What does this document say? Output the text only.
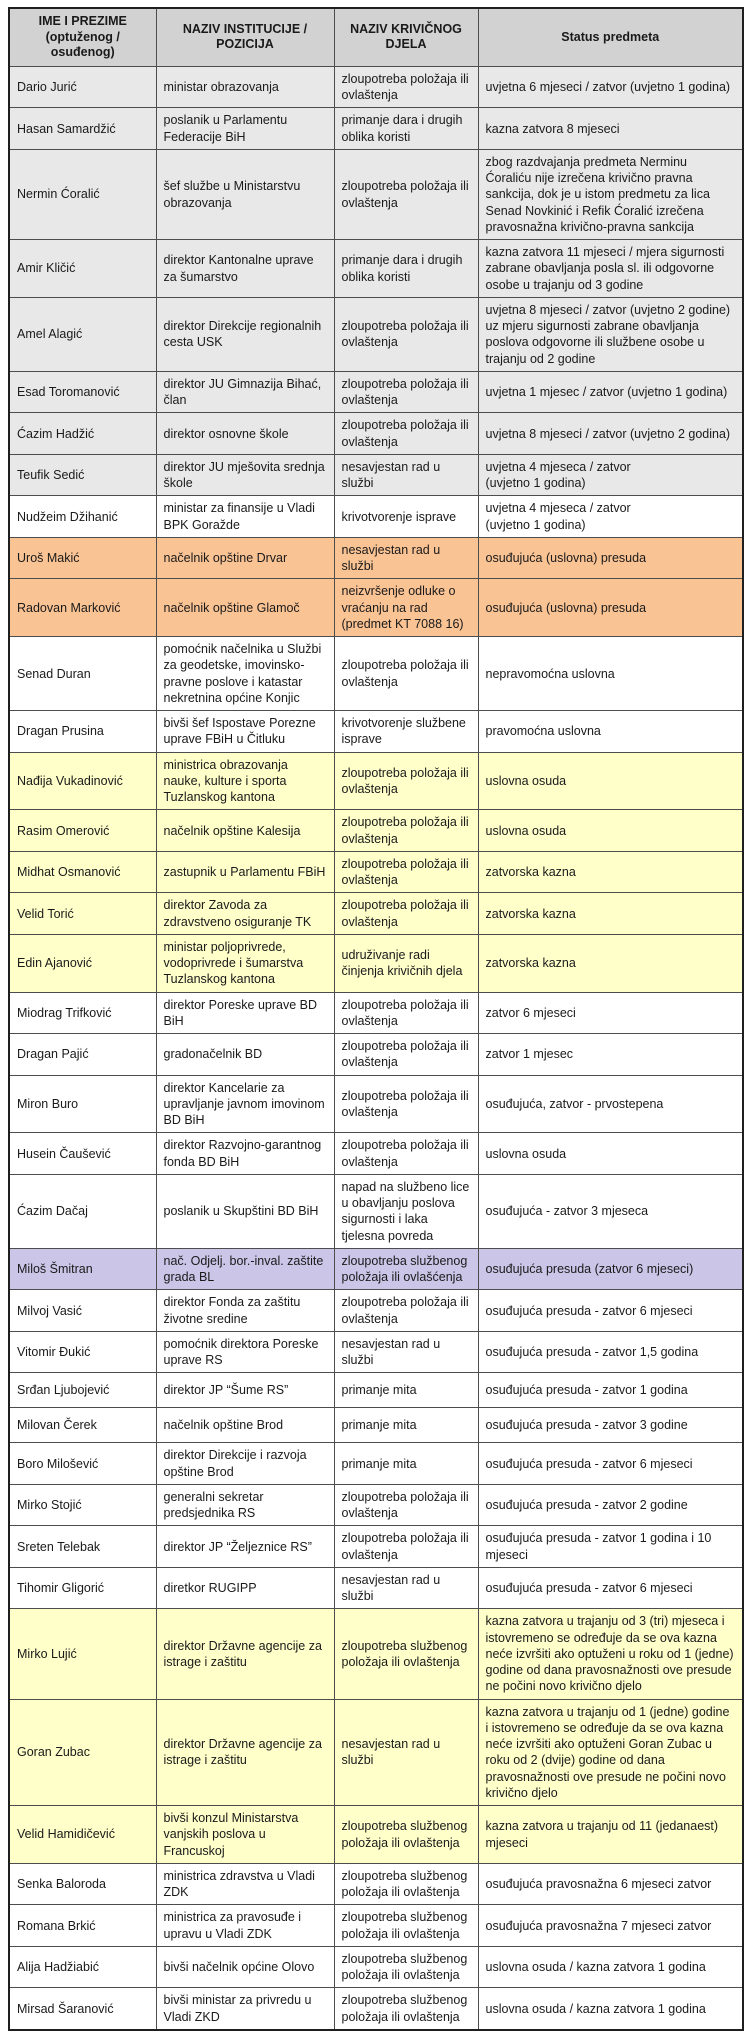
IME I PREZIME (optuženog / osuđenog)	NAZIV INSTITUCIJE / POZICIJA	NAZIV KRIVIČNOG DJELA	Status predmeta
Dario Jurić	ministar obrazovanja	zloupotreba položaja ili ovlaštenja	uvjetna 6 mjeseci / zatvor (uvjetno 1 godina)
Hasan Samardžić	poslanik u Parlamentu Federacije BiH	primanje dara i drugih oblika koristi	kazna zatvora 8 mjeseci
Nermin Ćoralić	šef službe u Ministarstvu obrazovanja	zloupotreba položaja ili ovlaštenja	zbog razdvajanja predmeta Nerminu Ćoraliću nije izrečena krivično pravna sankcija, dok je u istom predmetu za lica Senad Novkinić i Refik Ćoralić izrečena pravosnažna krivično-pravna sankcija
Amir Kličić	direktor Kantonalne uprave za šumarstvo	primanje dara i drugih oblika koristi	kazna zatvora 11 mjeseci / mjera sigurnosti zabrane obavljanja posla sl. ili odgovorne osobe u trajanju od 3 godine
Amel Alagić	direktor Direkcije regionalnih cesta USK	zloupotreba položaja ili ovlaštenja	uvjetna 8 mjeseci / zatvor (uvjetno 2 godine) uz mjeru sigurnosti zabrane obavljanja poslova odgovorne ili službene osobe u trajanju od 2 godine
Esad Toromanović	direktor JU Gimnazija Bihać, član	zloupotreba položaja ili ovlaštenja	uvjetna 1 mjesec / zatvor (uvjetno 1 godina)
Ćazim Hadžić	direktor osnovne škole	zloupotreba položaja ili ovlaštenja	uvjetna 8 mjeseci / zatvor (uvjetno 2 godina)
Teufik Sedić	direktor JU mješovita srednja škole	nesavjestan rad u službi	uvjetna 4 mjeseca / zatvor
(uvjetno 1 godina)
Nudžeim Džihanić	ministar za finansije u Vladi BPK Goražde	krivotvorenje isprave	uvjetna 4 mjeseca / zatvor
(uvjetno 1 godina)
Uroš Makić	načelnik opštine Drvar	nesavjestan rad u službi	osuđujuća (uslovna) presuda
Radovan Marković	načelnik opštine Glamoč	neizvršenje odluke o vraćanju na rad (predmet KT 7088 16)	osuđujuća (uslovna) presuda
Senad Duran	pomoćnik načelnika u Službi za geodetske, imovinsko-pravne poslove i katastar nekretnina općine Konjic	zloupotreba položaja ili ovlaštenja	nepravomoćna uslovna
Dragan Prusina	bivši šef Ispostave Porezne uprave FBiH u Čitluku	krivotvorenje službene isprave	pravomoćna uslovna
Nađija Vukadinović	ministrica obrazovanja nauke, kulture i sporta Tuzlanskog kantona	zloupotreba položaja ili ovlaštenja	uslovna osuda
Rasim Omerović	načelnik opštine Kalesija	zloupotreba položaja ili ovlaštenja	uslovna osuda
Midhat Osmanović	zastupnik u Parlamentu FBiH	zloupotreba položaja ili ovlaštenja	zatvorska kazna
Velid Torić	direktor Zavoda za zdravstveno osiguranje TK	zloupotreba položaja ili ovlaštenja	zatvorska kazna
Edin Ajanović	ministar poljoprivrede, vodoprivrede i šumarstva Tuzlanskog kantona	udruživanje radi činjenja krivičnih djela	zatvorska kazna
Miodrag Trifković	direktor Poreske uprave BD BiH	zloupotreba položaja ili ovlaštenja	zatvor 6 mjeseci
Dragan Pajić	gradonačelnik BD	zloupotreba položaja ili ovlaštenja	zatvor 1 mjesec
Miron Buro	direktor Kancelarie za upravljanje javnom imovinom BD BiH	zloupotreba položaja ili ovlaštenja	osuđujuća, zatvor - prvostepena
Husein Čaušević	direktor Razvojno-garantnog fonda BD BiH	zloupotreba položaja ili ovlaštenja	uslovna osuda
Ćazim Dačaj	poslanik u Skupštini BD BiH	napad na službeno lice u obavljanju poslova sigurnosti i laka tjelesna povreda	osuđujuća - zatvor 3 mjeseca
Miloš Šmitran	nač. Odjelj. bor.-inval. zaštite grada BL	zloupotreba službenog položaja ili ovlašćenja	osuđujuća presuda (zatvor 6 mjeseci)
Milvoj Vasić	direktor Fonda za zaštitu životne sredine	zloupotreba položaja ili ovlaštenja	osuđujuća presuda - zatvor 6 mjeseci
Vitomir Đukić	pomoćnik direktora Poreske uprave RS	nesavjestan rad u službi	osuđujuća presuda - zatvor 1,5 godina
Srđan Ljubojević	direktor JP “Šume RS”	primanje mita	osuđujuća presuda - zatvor 1 godina
Milovan Čerek	načelnik opštine Brod	primanje mita	osuđujuća presuda - zatvor 3 godine
Boro Milošević	direktor Direkcije i razvoja opštine Brod	primanje mita	osuđujuća presuda - zatvor 6 mjeseci
Mirko Stojić	generalni sekretar predsjednika RS	zloupotreba položaja ili ovlaštenja	osuđujuća presuda - zatvor 2 godine
Sreten Telebak	direktor JP “Željeznice RS”	zloupotreba položaja ili ovlaštenja	osuđujuća presuda - zatvor 1 godina i 10 mjeseci
Tihomir Gligorić	diretkor RUGIPP	nesavjestan rad u službi	osuđujuća presuda - zatvor 6 mjeseci
Mirko Lujić	direktor Državne agencije za istrage i zaštitu	zloupotreba službenog položaja ili ovlaštenja	kazna zatvora u trajanju od 3 (tri) mjeseca i istovremeno se određuje da se ova kazna neće izvršiti ako optuženi u roku od 1 (jedne) godine od dana pravosnažnosti ove presude ne počini novo krivično djelo
Goran Zubac	direktor Državne agencije za istrage i zaštitu	nesavjestan rad u službi	kazna zatvora u trajanju od 1 (jedne) godine i istovremeno se određuje da se ova kazna neće izvršiti ako optuženi Goran Zubac u roku od 2 (dvije) godine od dana pravosnažnosti ove presude ne počini novo krivično djelo
Velid Hamidičević	bivši konzul Ministarstva vanjskih poslova u Francuskoj	zloupotreba službenog položaja ili ovlaštenja	kazna zatvora u trajanju od 11 (jedanaest) mjeseci
Senka Baloroda	ministrica zdravstva u Vladi ZDK	zloupotreba službenog položaja ili ovlaštenja	osuđujuća pravosnažna 6 mjeseci zatvor
Romana Brkić	ministrica za pravosuđe i upravu u Vladi ZDK	zloupotreba službenog položaja ili ovlaštenja	osuđujuća pravosnažna 7 mjeseci zatvor
Alija Hadžiabić	bivši načelnik općine Olovo	zloupotreba službenog položaja ili ovlaštenja	uslovna osuda / kazna zatvora 1 godina
Mirsad Šaranović	bivši ministar za privredu u Vladi ZKD	zloupotreba službenog položaja ili ovlaštenja	uslovna osuda / kazna zatvora 1 godina
